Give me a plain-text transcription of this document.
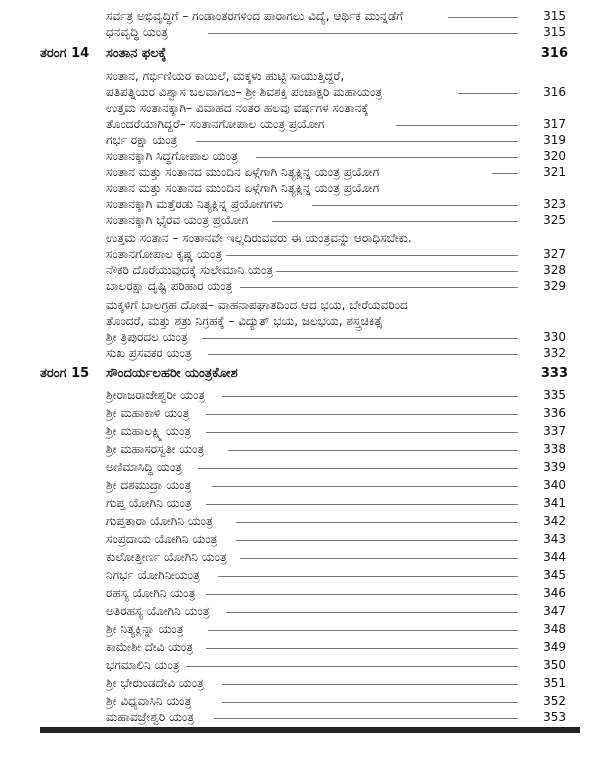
ಸರ್ವತ್ರ ಅಭಿವೃದ್ಧಿಗೆ – ಗಂಡಾಂತರಗಳಿಂದ ಪಾರಾಗಲು ವಿದ್ಯೆ, ಆರ್ಥಿಕ ಮುನ್ನಡೆಗೆ	315
ಧನವೃದ್ಧಿ ಯಂತ್ರ	315
ತರಂಗ 14	ಸಂತಾನ ಫಲಕ್ಕೆ	316
ಸಂತಾನ, ಗರ್ಭಿಣಿಯರ ಕಾಯಿಲೆ, ಮಕ್ಕಳು ಹುಟ್ಟಿ ಸಾಯುತ್ತಿದ್ದರೆ,
ಪತಿಪತ್ನಿಯರ ವಿಶ್ವಾಸ ಬಲವಾಗಲು– ಶ್ರೀ ಶಿವಶಕ್ತಿ ಪಂಚಾಕ್ಷರಿ ಮಹಾಯಂತ್ರ	316
ಉತ್ತಮ ಸಂತಾನಕ್ಕಾಗಿ– ವಿವಾಹದ ನಂತರ ಹಲವು ವರ್ಷಗಳ ಸಂತಾನಕ್ಕೆ
ತೊಂದರೆಯಾಗಿದ್ದರೆ– ಸಂತಾನಗೋಪಾಲ ಯಂತ್ರ ಪ್ರಯೋಗ	317
ಗರ್ಭ ರಕ್ಷಾ ಯಂತ್ರ	319
ಸಂತಾನಕ್ಕಾಗಿ ಸಿದ್ಧಗೋಪಾಲ ಯಂತ್ರ	320
ಸಂತಾನ ಮತ್ತು ಸಂತಾನದ ಮುಂದಿನ ಏಳ್ಗೆಗಾಗಿ ನಿತ್ಯಕ್ಲಿನ್ನ ಯಂತ್ರ ಪ್ರಯೋಗ	321
ಸಂತಾನ ಮತ್ತು ಸಂತಾನದ ಮುಂದಿನ ಏಳ್ಗೆಗಾಗಿ ನಿತ್ಯಕ್ಲಿನ್ನ ಯಂತ್ರ ಪ್ರಯೋಗ
ಸಂತಾನಕ್ಕಾಗಿ ಮತ್ತೆರಡು ನಿತ್ಯಕ್ಲಿನ್ನ ಪ್ರಯೋಗಗಳು	323
ಸಂತಾನಕ್ಕಾಗಿ ಭೈರವ ಯಂತ್ರ ಪ್ರಯೋಗ	325
ಉತ್ತಮ ಸಂತಾನ – ಸಂತಾನವೇ ಇಲ್ಲದಿರುವವರು ಈ ಯಂತ್ರವನ್ನು ಆರಾಧಿಸಬೇಕು.
ಸಂತಾನಗೋಪಾಲ ಕೃಷ್ಣ ಯಂತ್ರ	327
ನೌಕರಿ ದೊರೆಯುವುದಕ್ಕೆ ಸುಲೇಮಾನಿ ಯಂತ್ರ	328
ಬಾಲರಕ್ಷಾ ದೃಷ್ಟಿ ಪರಿಹಾರ ಯಂತ್ರ	329
ಮಕ್ಕಳಿಗೆ ಬಾಲಗ್ರಹ ದೋಷ– ವಾಹನಾಪಘಾತದಿಂದ ಆದ ಭಯ, ಬೇರೆಯವರಿಂದ
ತೊಂದರೆ, ಮತ್ತು ಶತ್ರು ನಿಗ್ರಹಕ್ಕೆ – ವಿದ್ಯುತ್ ಭಯ, ಜಲಭಯ, ಶಸ್ತ್ರಚಿಕಿತ್ಸೆ
ಶ್ರೀ ತ್ರಿಪುರದಲ ಯಂತ್ರ	330
ಸುಖ ಪ್ರಸವಕರ ಯಂತ್ರ	332
ತರಂಗ 15	ಸೌಂದರ್ಯಲಹರೀ ಯಂತ್ರಕೋಶ	333
ಶ್ರೀರಾಜರಾಜೇಶ್ವರೀ ಯಂತ್ರ	335
ಶ್ರೀ ಮಹಾಕಾಳಿ ಯಂತ್ರ	336
ಶ್ರೀ ಮಹಾಲಕ್ಷ್ಮಿ ಯಂತ್ರ	337
ಶ್ರೀ ಮಹಾಸರಸ್ವತೀ ಯಂತ್ರ	338
ಅಣಿಮಾಸಿದ್ಧಿ ಯಂತ್ರ	339
ಶ್ರೀ ದಶಮುದ್ರಾ ಯಂತ್ರ	340
ಗುಪ್ತ ಯೋಗಿನಿ ಯಂತ್ರ	341
ಗುಪ್ತತಾರಾ ಯೋಗಿನಿ ಯಂತ್ರ	342
ಸಂಪ್ರದಾಯ ಯೋಗಿನಿ ಯಂತ್ರ	343
ಕುಲೋತ್ತೀರ್ಣ ಯೋಗಿನಿ ಯಂತ್ರ	344
ನಿಗರ್ಭ ಯೋಗಿನೀಯಂತ್ರ	345
ರಹಸ್ಯ ಯೋಗಿನಿ ಯಂತ್ರ	346
ಅತಿರಹಸ್ಯ ಯೋಗಿನಿ ಯಂತ್ರ	347
ಶ್ರೀ ನಿತ್ಯಕ್ಲಿನ್ನಾ ಯಂತ್ರ	348
ಕಾಮೇಶೀ ದೇವಿ ಯಂತ್ರ	349
ಭಗಮಾಲಿನಿ ಯಂತ್ರ	350
ಶ್ರೀ ಭೇರುಂಡದೇವಿ ಯಂತ್ರ	351
ಶ್ರೀ ವಿಧ್ಯವಾಸಿನಿ ಯಂತ್ರ	352
ಮಹಾವಜ್ರೇಶ್ವರಿ ಯಂತ್ರ	353
